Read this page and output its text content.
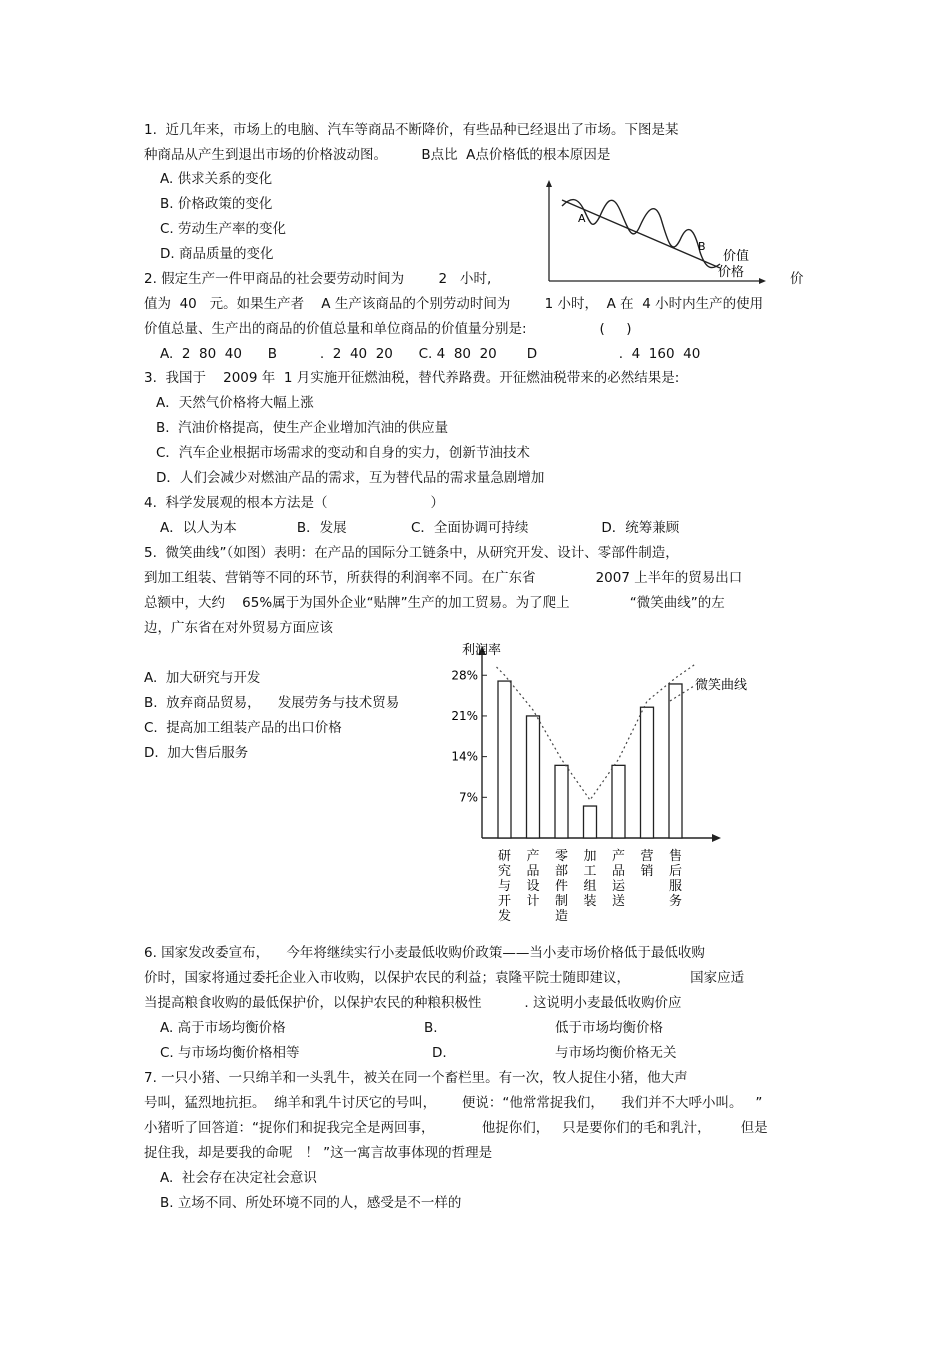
1.  近几年来，市场上的电脑、汽车等商品不断降价，有些品种已经退出了市场。下图是某
种商品从产生到退出市场的价格波动图。        B点比  A点价格低的根本原因是
A. 供求关系的变化
B. 价格政策的变化
C. 劳动生产率的变化
D. 商品质量的变化
A
B
价值
价格
2. 假定生产一件甲商品的社会要劳动时间为        2   小时,	价
值为  40   元。如果生产者    A 生产该商品的个别劳动时间为        1 小时，  A 在  4 小时内生产的使用
价值总量、生产出的商品的价值总量和单位商品的价值量分别是:                 (     )
A.  2  80  40      B          .  2  40  20      C. 4  80  20       D                   .  4  160  40
3.  我国于    2009 年  1 月实施开征燃油税，替代养路费。开征燃油税带来的必然结果是:
A．天然气价格将大幅上涨
B.  汽油价格提高，使生产企业增加汽油的供应量
C．汽车企业根据市场需求的变动和自身的实力，创新节油技术
D．人们会减少对燃油产品的需求，互为替代品的需求量急剧增加
4.  科学发展观的根本方法是（                        ）
A．以人为本              B．发展               C．全面协调可持续                 D．统筹兼顾
5.  微笑曲线”（如图）表明：在产品的国际分工链条中，从研究开发、设计、零部件制造，
到加工组装、营销等不同的环节，所获得的利润率不同。在广东省              2007 上半年的贸易出口
总额中，大约    65%属于为国外企业“贴牌”生产的加工贸易。为了爬上              “微笑曲线”的左
边，广东省在对外贸易方面应该
A.  加大研究与开发
B.  放弃商品贸易，    发展劳务与技术贸易
C.  提高加工组装产品的出口价格
D.  加大售后服务
利润率
微笑曲线
7%
14%
21%
28%
研究与开发
产品设计
零部件制造
加工组装
产品运送
营销
售后服务
6. 国家发改委宣布，    今年将继续实行小麦最低收购价政策——当小麦市场价格低于最低收购
价时，国家将通过委托企业入市收购，以保护农民的利益；袁隆平院士随即建议，              国家应适
当提高粮食收购的最低保护价，以保护农民的种粮积极性          . 这说明小麦最低收购价应
A. 高于市场均衡价格	B.	低于市场均衡价格
C. 与市场均衡价格相等	D.	与市场均衡价格无关
7. 一只小猪、一只绵羊和一头乳牛，被关在同一个畜栏里。有一次，牧人捉住小猪，他大声
号叫，猛烈地抗拒。  绵羊和乳牛讨厌它的号叫，      便说：“他常常捉我们，    我们并不大呼小叫。   ”
小猪听了回答道：“捉你们和捉我完全是两回事，           他捉你们，   只是要你们的毛和乳汁，       但是
捉住我，却是要我的命呢   ！ ”这一寓言故事体现的哲理是
A.  社会存在决定社会意识
B. 立场不同、所处环境不同的人，感受是不一样的
